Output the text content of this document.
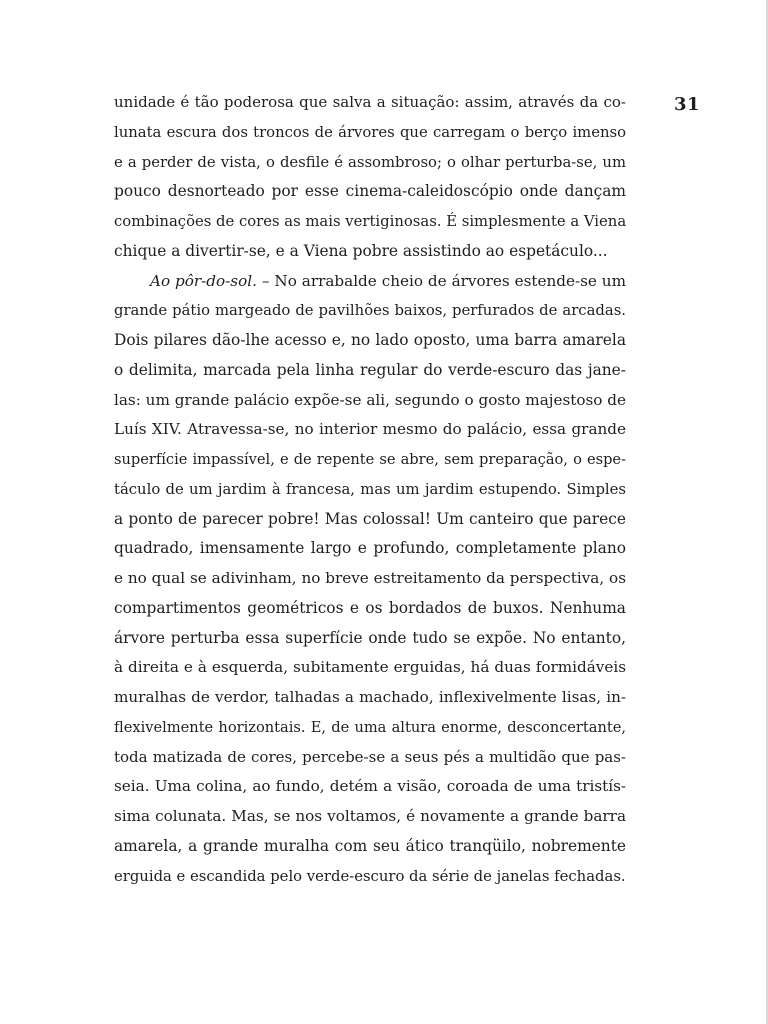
31
unidade é tão poderosa que salva a situação: assim, através da co-
lunata escura dos troncos de árvores que carregam o berço imenso
e a perder de vista, o desfile é assombroso; o olhar perturba-se, um
pouco desnorteado por esse cinema-caleidoscópio onde dançam
combinações de cores as mais vertiginosas. É simplesmente a Viena
chique a divertir-se, e a Viena pobre assistindo ao espetáculo...
Ao pôr-do-sol. – No arrabalde cheio de árvores estende-se um
grande pátio margeado de pavilhões baixos, perfurados de arcadas.
Dois pilares dão-lhe acesso e, no lado oposto, uma barra amarela
o delimita, marcada pela linha regular do verde-escuro das jane-
las: um grande palácio expõe-se ali, segundo o gosto majestoso de
Luís XIV. Atravessa-se, no interior mesmo do palácio, essa grande
superfície impassível, e de repente se abre, sem preparação, o espe-
táculo de um jardim à francesa, mas um jardim estupendo. Simples
a ponto de parecer pobre! Mas colossal! Um canteiro que parece
quadrado, imensamente largo e profundo, completamente plano
e no qual se adivinham, no breve estreitamento da perspectiva, os
compartimentos geométricos e os bordados de buxos. Nenhuma
árvore perturba essa superfície onde tudo se expõe. No entanto,
à direita e à esquerda, subitamente erguidas, há duas formidáveis
muralhas de verdor, talhadas a machado, inflexivelmente lisas, in-
flexivelmente horizontais. E, de uma altura enorme, desconcertante,
toda matizada de cores, percebe-se a seus pés a multidão que pas-
seia. Uma colina, ao fundo, detém a visão, coroada de uma tristís-
sima colunata. Mas, se nos voltamos, é novamente a grande barra
amarela, a grande muralha com seu ático tranqüilo, nobremente
erguida e escandida pelo verde-escuro da série de janelas fechadas.
